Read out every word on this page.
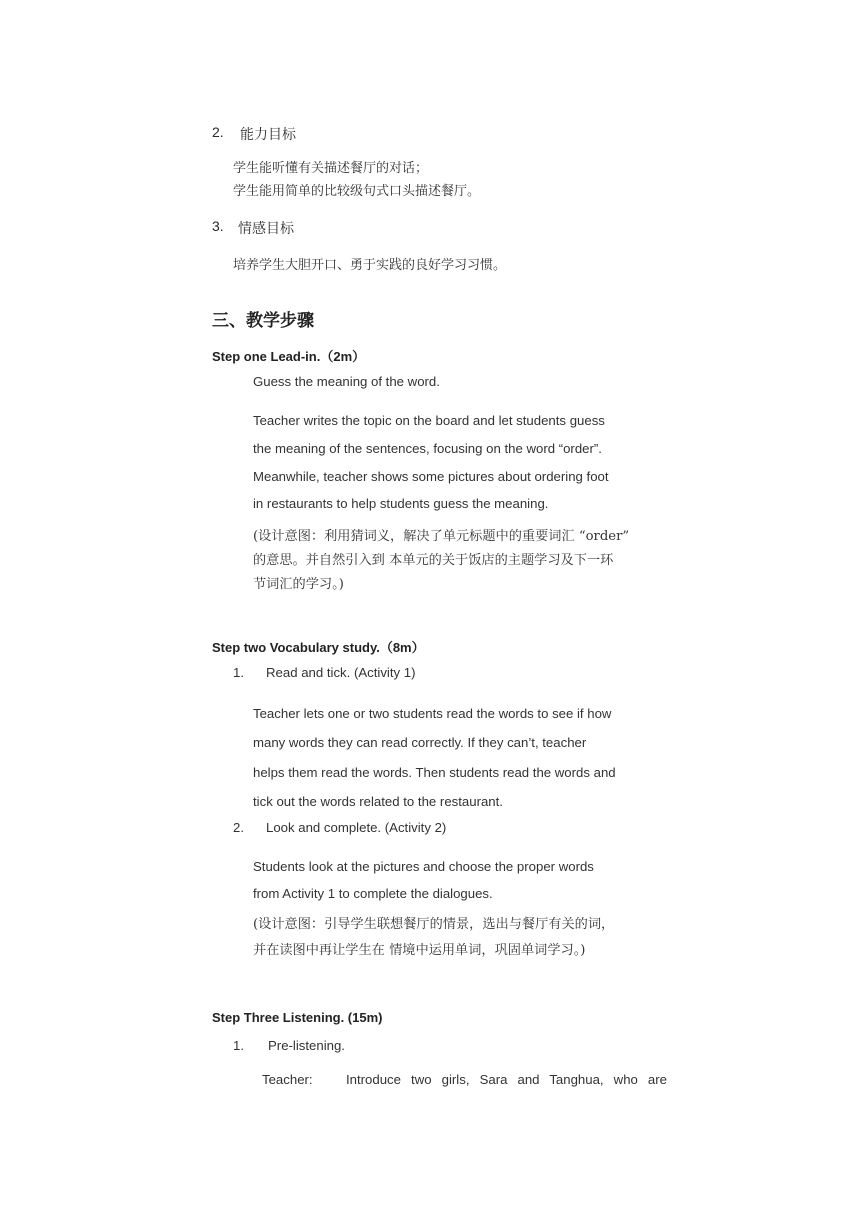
2. 能力目标
学生能听懂有关描述餐厅的对话；
学生能用简单的比较级句式口头描述餐厅。
3. 情感目标
培养学生大胆开口、勇于实践的良好学习习惯。
三、教学步骤
Step one Lead-in.（2m）
Guess the meaning of the word.

Teacher writes the topic on the board and let students guess

the meaning of the sentences, focusing on the word “order”.

Meanwhile, teacher shows some pictures about ordering foot

in restaurants to help students guess the meaning.

(设计意图：利用猜词义，解决了单元标题中的重要词汇 “order”

的意思。并自然引入到 本单元的关于饭店的主题学习及下一环

节词汇的学习。)

Step two Vocabulary study.（8m）
1. Read and tick. (Activity 1)

Teacher lets one or two students read the words to see if how

many words they can read correctly. If they can’t, teacher

helps them read the words. Then students read the words and

tick out the words related to the restaurant.

2. Look and complete. (Activity 2)

Students look at the pictures and choose the proper words

from Activity 1 to complete the dialogues.

(设计意图：引导学生联想餐厅的情景，选出与餐厅有关的词，

并在读图中再让学生在 情境中运用单词，巩固单词学习。)

Step Three Listening. (15m)
1. Pre-listening.
Teacher:	Introduce two girls, Sara and Tanghua, who are
